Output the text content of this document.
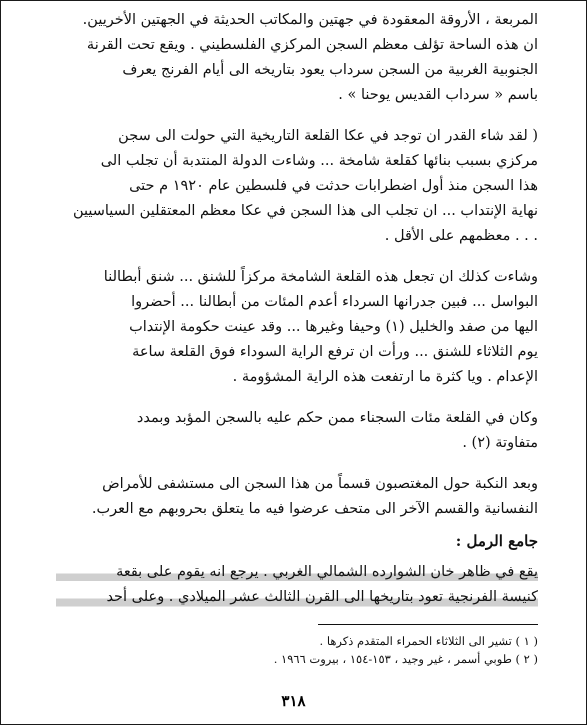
المربعة ، الأروقة المعقودة في جهتين والمكاتب الحديثة في الجهتين الأخريين.
ان هذه الساحة تؤلف معظم السجن المركزي الفلسطيني . ويقع تحت القرنة
الجنوبية الغربية من السجن سرداب يعود بتاريخه الى أيام الفرنج يعرف
باسم « سرداب القديس يوحنا » .
( لقد شاء القدر ان توجد في عكا القلعة التاريخية التي حولت الى سجن
مركزي بسبب بنائها كقلعة شامخة ... وشاءت الدولة المنتدبة أن تجلب الى
هذا السجن منذ أول اضطرابات حدثت في فلسطين عام ١٩٢٠ م حتى
نهاية الإنتداب ... ان تجلب الى هذا السجن في عكا معظم المعتقلين السياسيين
. . . معظمهم على الأقل .
وشاءت كذلك ان تجعل هذه القلعة الشامخة مركزاً للشنق ... شنق أبطالنا
البواسل ... فبين جدرانها السرداء أعدم المئات من أبطالنا ... أحضروا
اليها من صفد والخليل (١) وحيفا وغيرها ... وقد عينت حكومة الإنتداب
يوم الثلاثاء للشنق ... ورأت ان ترفع الراية السوداء فوق القلعة ساعة
الإعدام . ويا كثرة ما ارتفعت هذه الراية المشؤومة .
وكان في القلعة مئات السجناء ممن حكم عليه بالسجن المؤبد وبمدد
متفاوتة (٢) .
وبعد النكبة حول المغتصبون قسماً من هذا السجن الى مستشفى للأمراض
النفسانية والقسم الآخر الى متحف عرضوا فيه ما يتعلق بحروبهم مع العرب.
جامع الرمل :
يقع في ظاهر خان الشوارده الشمالي الغربي . يرجع انه يقوم على بقعة
كنيسة الفرنجية تعود بتاريخها الى القرن الثالث عشر الميلادي . وعلى أحد
( ١ ) تشير الى الثلاثاء الحمراء المتقدم ذكرها .
( ٢ ) طوبي أسمر ، غير وجيد ، ١٥٣-١٥٤ ، بيروت ١٩٦٦ .
٣١٨
